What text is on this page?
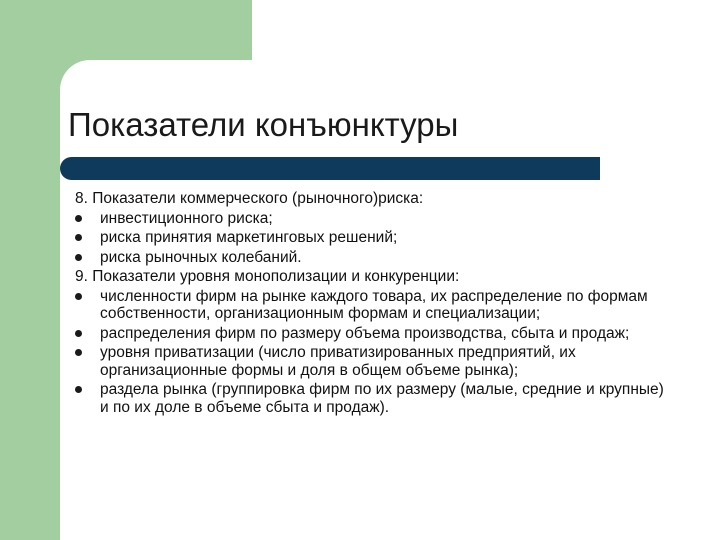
Показатели конъюнктуры

8. Показатели коммерческого (рыночного)риска:

инвестиционного риска;
риска принятия маркетинговых решений;
риска рыночных колебаний.

9. Показатели уровня монополизации и конкуренции:

численности фирм на рынке каждого товара, их распределение по формам собственности, организационным формам и специализации;
распределения фирм по размеру объема производства, сбыта и продаж;
уровня приватизации (число приватизированных предприятий, их организационные формы и доля в общем объеме рынка);
раздела рынка (группировка фирм по их размеру (малые, средние и крупные) и по их доле в объеме сбыта и продаж).
